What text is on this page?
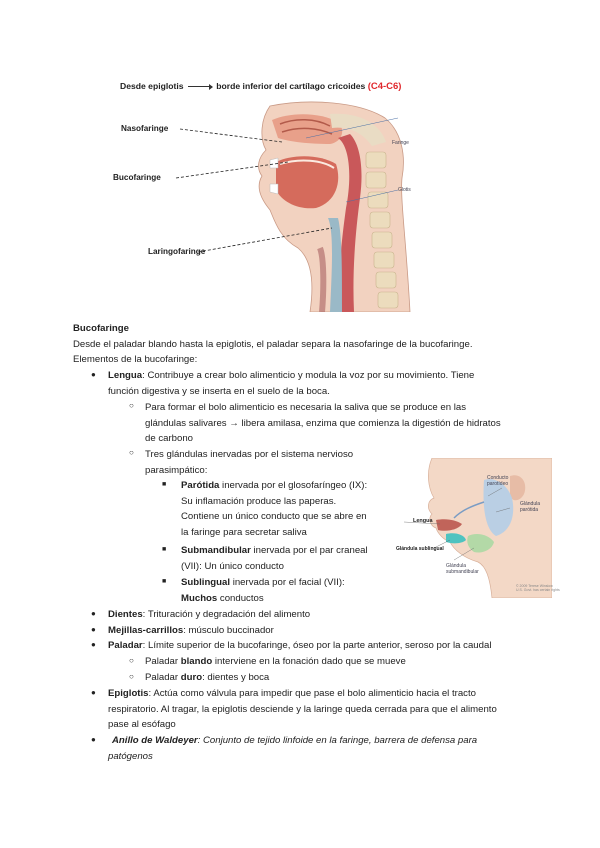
Desde epiglotis	borde inferior del cartílago cricoides (C4-C6)
Faringe
Glotis
Nasofaringe
Bucofaringe
Laringofaringe
Bucofaringe
Desde el paladar blando hasta la epiglotis, el paladar separa la nasofaringe de la bucofaringe.
Elementos de la bucofaringe:
● Lengua: Contribuye a crear bolo alimenticio y modula la voz por su movimiento. Tiene
función digestiva y se inserta en el suelo de la boca.
○ Para formar el bolo alimenticio es necesaria la saliva que se produce en las
glándulas salivares → libera amilasa, enzima que comienza la digestión de hidratos
de carbono
○ Tres glándulas inervadas por el sistema nervioso
parasimpático:
■ Parótida inervada por el glosofaríngeo (IX):
Su inflamación produce las paperas.
Contiene un único conducto que se abre en
la faringe para secretar saliva
■ Submandibular inervada por el par craneal
(VII): Un único conducto
■ Sublingual inervada por el facial (VII):
Muchos conductos
Lengua
Glándula sublingual
Glándula
submandibular
Conducto
parotídeo
Glándula
parótida
© 2009 Terese Winslow
U.S. Govt. has certain rights
● Dientes: Trituración y degradación del alimento
● Mejillas-carrillos: músculo buccinador
● Paladar: Límite superior de la bucofaringe, óseo por la parte anterior, seroso por la caudal
○ Paladar blando interviene en la fonación dado que se mueve
○ Paladar duro: dientes y boca
● Epiglotis: Actúa como válvula para impedir que pase el bolo alimenticio hacia el tracto
respiratorio. Al tragar, la epiglotis desciende y la laringe queda cerrada para que el alimento
pase al esófago
● Anillo de Waldeyer: Conjunto de tejido linfoide en la faringe, barrera de defensa para
patógenos
